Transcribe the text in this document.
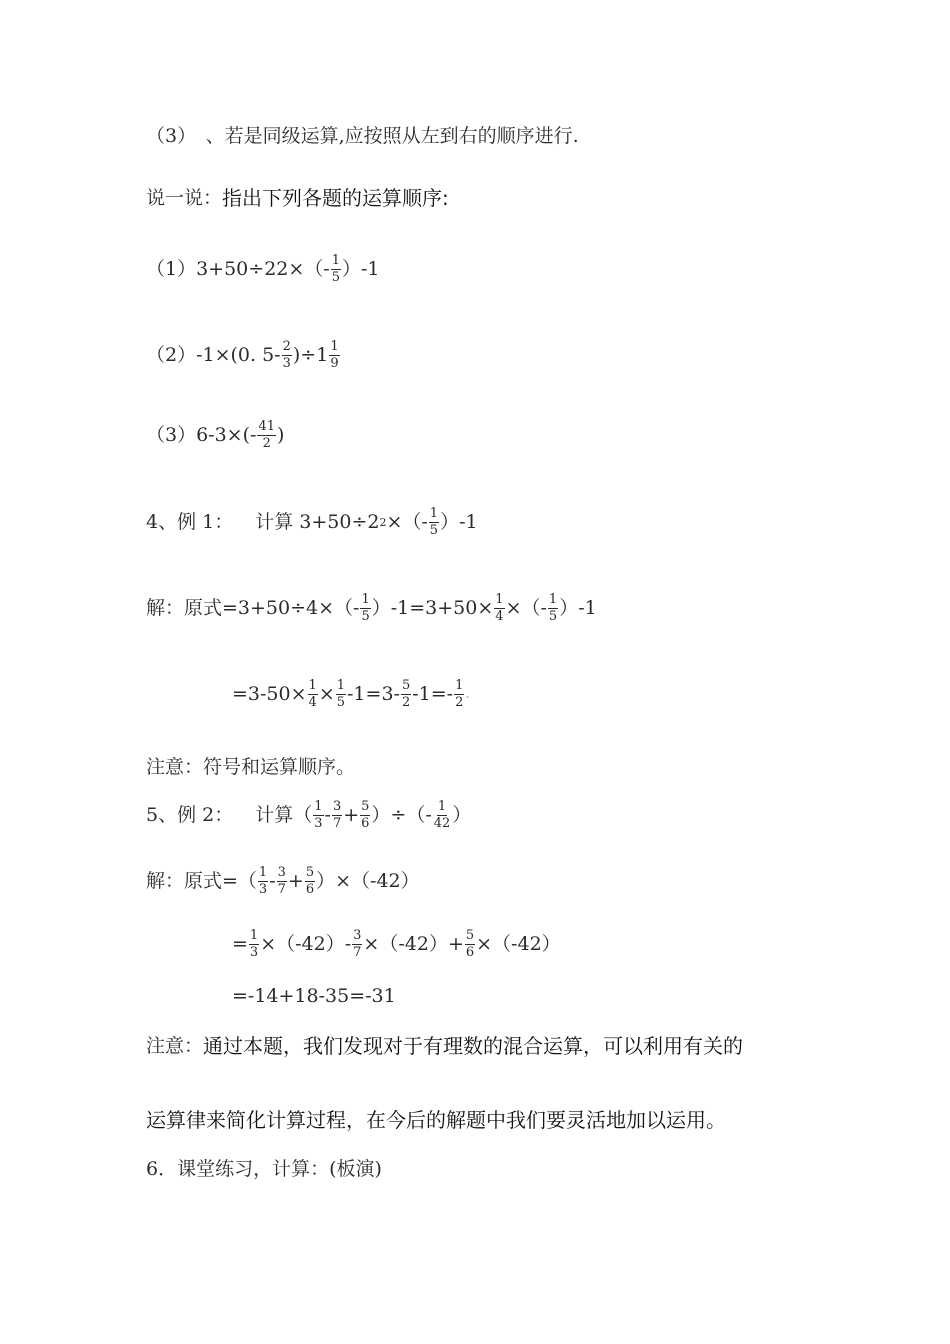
（3）　、若是同级运算,应按照从左到右的顺序进行.
说一说： 指出下列各题的运算顺序:
$(1)3+50\div 22\times(- \frac{1}{5} )-1$
（2）-1×(0. $5- \frac{2}{3} )\div 1 \frac{1}{9}$
$(3)6-3\times(- \frac{41}{2}$ )
4、例 1： 计算 3+50÷2 2 ×（- $\frac{1}{5} )-1$
解：原式$=3+50\div 4\times(- \frac{1}{5} )-1=3+50\times \frac{1}{4}$ ×（- $\frac{1}{5} )-1$
$=3-50\times \frac{1}{4} \times \frac{1}{5} -1=3- \frac{5}{2} -1=- \frac{1}{2}$ .
注意：符号和运算顺序。
5、例 2： 计算（ $\frac{1}{3} - \frac{3}{7} + \frac{5}{6}$ ）÷（- $\frac{1}{42}$ ）
解：原式=（ $\frac{1}{3} - \frac{3}{7} + \frac{5}{6} )\times(-42)$
= $\frac{1}{3} \times(-42)- \frac{3}{7} \times(-42)+ \frac{5}{6} \times(-42)$
=-14+18-35=-31
注意： 通过本题，我们发现对于有理数的混合运算，可以利用有关的
运算律来简化计算过程，在今后的解题中我们要灵活地加以运用。
6．课堂练习，计算：(板演)
